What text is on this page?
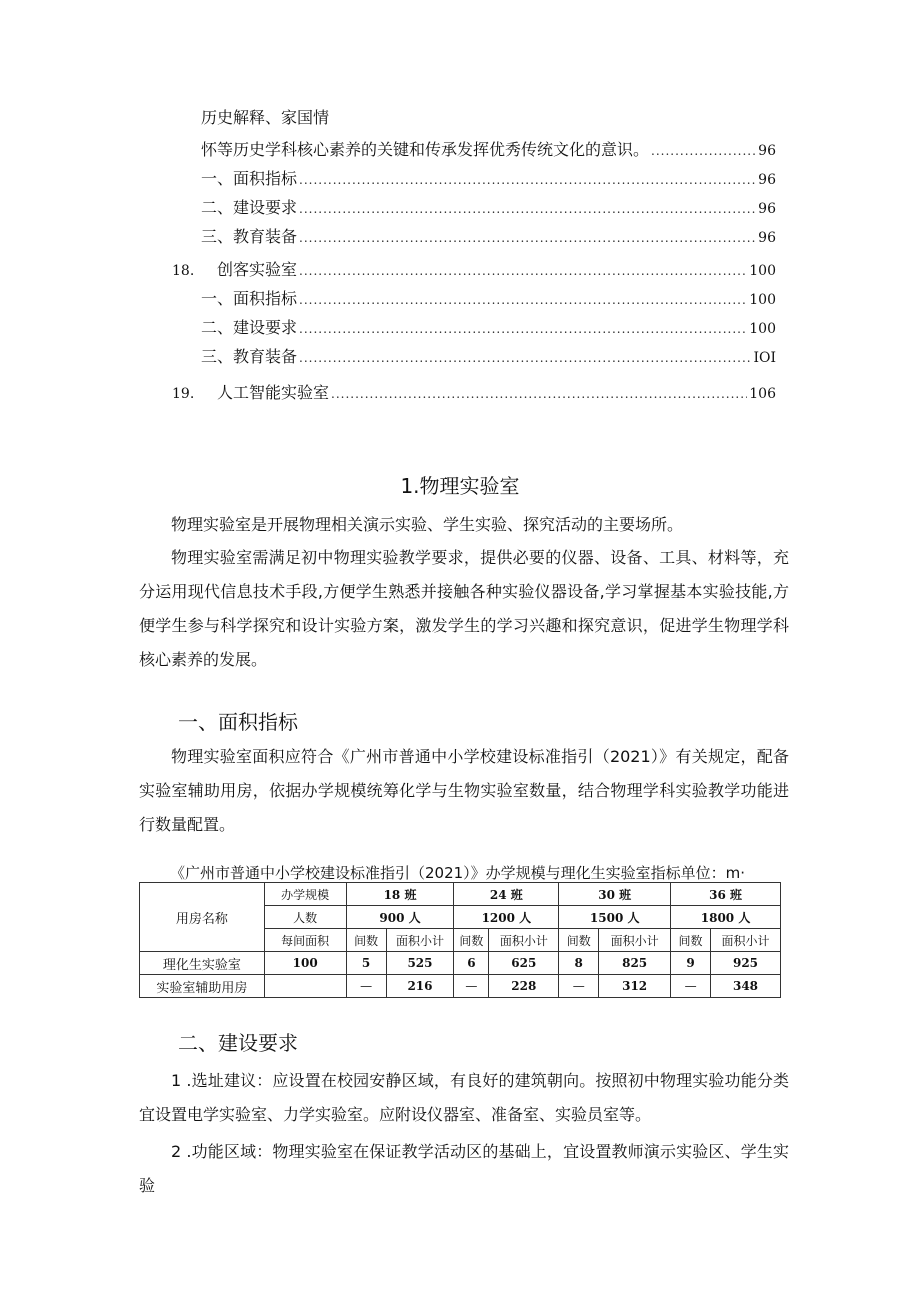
历史解释、家国情
怀等历史学科核心素养的关键和传承发挥优秀传统文化的意识。 .....	96
一、面积指标 .....	96
二、建设要求 .....	96
三、教育装备 .....	96
18.	创客实验室 .....	100
一、面积指标 .....	100
二、建设要求 .....	100
三、教育装备 .....	IOI
19.	人工智能实验室 .....	106
1.物理实验室

物理实验室是开展物理相关演示实验、学生实验、探究活动的主要场所。

物理实验室需满足初中物理实验教学要求，提供必要的仪器、设备、工具、材料等，充分运用现代信息技术手段,方便学生熟悉并接触各种实验仪器设备,学习掌握基本实验技能,方便学生参与科学探究和设计实验方案，激发学生的学习兴趣和探究意识，促进学生物理学科核心素养的发展。

一、面积指标

物理实验室面积应符合《广州市普通中小学校建设标准指引（2021）》有关规定，配备实验室辅助用房，依据办学规模统筹化学与生物实验室数量，结合物理学科实验教学功能进行数量配置。

《广州市普通中小学校建设标准指引（2021）》办学规模与理化生实验室指标单位：m·
用房名称	办学规模	18 班		24 班		30 班		36 班	
	人数	900 人		1200 人		1500 人		1800 人	
	每间面积	间数	面积小计	间数	面积小计	间数	面积小计	间数	面积小计
理化生实验室	100	5	525	6	625	8	825	9	925
实验室辅助用房		—	216	—	228	—	312	—	348
二、建设要求

1 .选址建议：应设置在校园安静区域，有良好的建筑朝向。按照初中物理实验功能分类宜设置电学实验室、力学实验室。应附设仪器室、准备室、实验员室等。

2 .功能区域：物理实验室在保证教学活动区的基础上，宜设置教师演示实验区、学生实验
